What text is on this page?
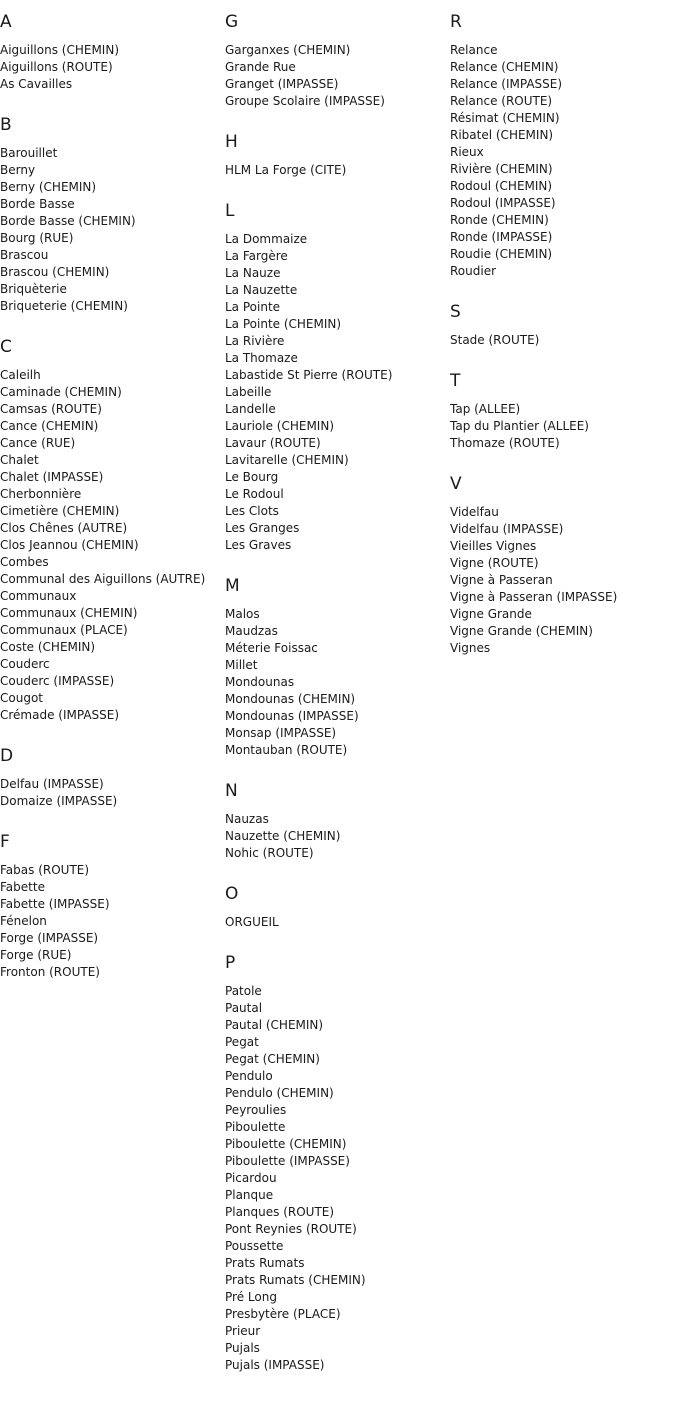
A
Aiguillons (CHEMIN)
Aiguillons (ROUTE)
As Cavailles
B
Barouillet
Berny
Berny (CHEMIN)
Borde Basse
Borde Basse (CHEMIN)
Bourg (RUE)
Brascou
Brascou (CHEMIN)
Briquèterie
Briqueterie (CHEMIN)
C
Caleilh
Caminade (CHEMIN)
Camsas (ROUTE)
Cance (CHEMIN)
Cance (RUE)
Chalet
Chalet (IMPASSE)
Cherbonnière
Cimetière (CHEMIN)
Clos Chênes (AUTRE)
Clos Jeannou (CHEMIN)
Combes
Communal des Aiguillons (AUTRE)
Communaux
Communaux (CHEMIN)
Communaux (PLACE)
Coste (CHEMIN)
Couderc
Couderc (IMPASSE)
Cougot
Crémade (IMPASSE)
D
Delfau (IMPASSE)
Domaize (IMPASSE)
F
Fabas (ROUTE)
Fabette
Fabette (IMPASSE)
Fénelon
Forge (IMPASSE)
Forge (RUE)
Fronton (ROUTE)
G
Garganxes (CHEMIN)
Grande Rue
Granget (IMPASSE)
Groupe Scolaire (IMPASSE)
H
HLM La Forge (CITE)
L
La Dommaize
La Fargère
La Nauze
La Nauzette
La Pointe
La Pointe (CHEMIN)
La Rivière
La Thomaze
Labastide St Pierre (ROUTE)
Labeille
Landelle
Lauriole (CHEMIN)
Lavaur (ROUTE)
Lavitarelle (CHEMIN)
Le Bourg
Le Rodoul
Les Clots
Les Granges
Les Graves
M
Malos
Maudzas
Méterie Foissac
Millet
Mondounas
Mondounas (CHEMIN)
Mondounas (IMPASSE)
Monsap (IMPASSE)
Montauban (ROUTE)
N
Nauzas
Nauzette (CHEMIN)
Nohic (ROUTE)
O
ORGUEIL
P
Patole
Pautal
Pautal (CHEMIN)
Pegat
Pegat (CHEMIN)
Pendulo
Pendulo (CHEMIN)
Peyroulies
Piboulette
Piboulette (CHEMIN)
Piboulette (IMPASSE)
Picardou
Planque
Planques (ROUTE)
Pont Reynies (ROUTE)
Poussette
Prats Rumats
Prats Rumats (CHEMIN)
Pré Long
Presbytère (PLACE)
Prieur
Pujals
Pujals (IMPASSE)
R
Relance
Relance (CHEMIN)
Relance (IMPASSE)
Relance (ROUTE)
Résimat (CHEMIN)
Ribatel (CHEMIN)
Rieux
Rivière (CHEMIN)
Rodoul (CHEMIN)
Rodoul (IMPASSE)
Ronde (CHEMIN)
Ronde (IMPASSE)
Roudie (CHEMIN)
Roudier
S
Stade (ROUTE)
T
Tap (ALLEE)
Tap du Plantier (ALLEE)
Thomaze (ROUTE)
V
Videlfau
Videlfau (IMPASSE)
Vieilles Vignes
Vigne (ROUTE)
Vigne à Passeran
Vigne à Passeran (IMPASSE)
Vigne Grande
Vigne Grande (CHEMIN)
Vignes
